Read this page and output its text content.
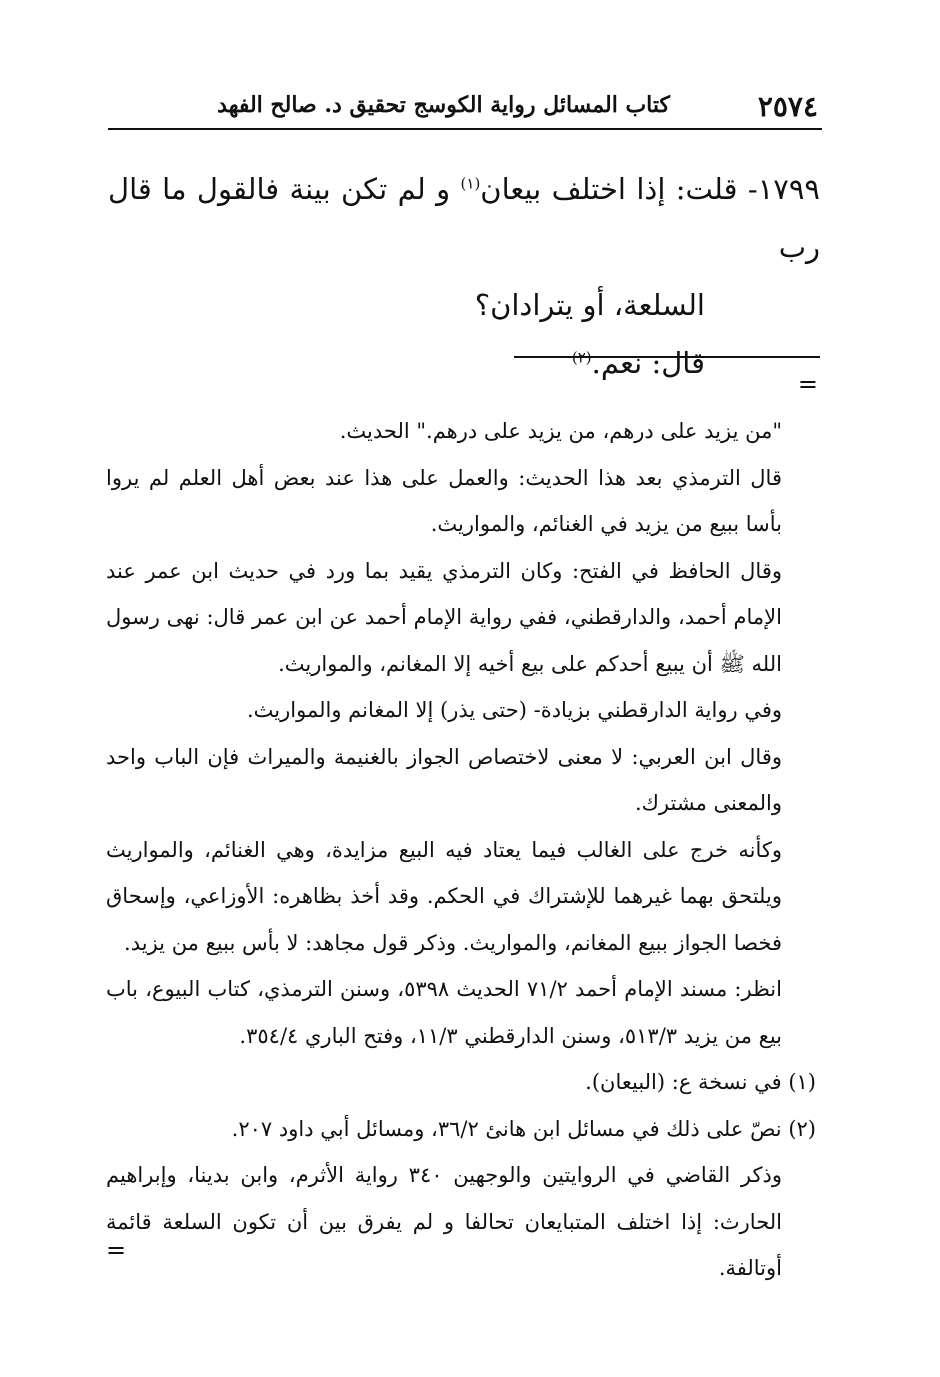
٢٥٧٤
كتاب المسائل رواية الكوسج تحقيق د. صالح الفهد

١٧٩٩- قلت: إذا اختلف بيعان$^{(١)}$ و لم تكن بينة فالقول ما قال رب

السلعة، أو يترادان؟

قال: نعم.$^{(٢)}$

=

"من يزيد على درهم، من يزيد على درهم." الحديث.

قال الترمذي بعد هذا الحديث: والعمل على هذا عند بعض أهل العلم لم يروا بأسا ببيع من يزيد في الغنائم، والمواريث.

وقال الحافظ في الفتح: وكان الترمذي يقيد بما ورد في حديث ابن عمر عند الإمام أحمد، والدارقطني، ففي رواية الإمام أحمد عن ابن عمر قال: نهى رسول الله ﷺ أن يبيع أحدكم على بيع أخيه إلا المغانم، والمواريث.

وفي رواية الدارقطني بزيادة- (حتى يذر) إلا المغانم والمواريث.

وقال ابن العربي: لا معنى لاختصاص الجواز بالغنيمة والميراث فإن الباب واحد والمعنى مشترك.

وكأنه خرج على الغالب فيما يعتاد فيه البيع مزايدة، وهي الغنائم، والمواريث ويلتحق بهما غيرهما للإشتراك في الحكم. وقد أخذ بظاهره: الأوزاعي، وإسحاق فخصا الجواز ببيع المغانم، والمواريث. وذكر قول مجاهد: لا بأس ببيع من يزيد.

انظر: مسند الإمام أحمد ٧١/٢ الحديث ٥٣٩٨، وسنن الترمذي، كتاب البيوع، باب بيع من يزيد ٥١٣/٣، وسنن الدارقطني ١١/٣، وفتح الباري ٣٥٤/٤.

(١) في نسخة ع: (البيعان).

(٢) نصّ على ذلك في مسائل ابن هانئ ٣٦/٢، ومسائل أبي داود ٢٠٧.

وذكر القاضي في الروايتين والوجهين ٣٤٠ رواية الأثرم، وابن بدينا، وإبراهيم الحارث: إذا اختلف المتبايعان تحالفا و لم يفرق بين أن تكون السلعة قائمة أوتالفة.

=
